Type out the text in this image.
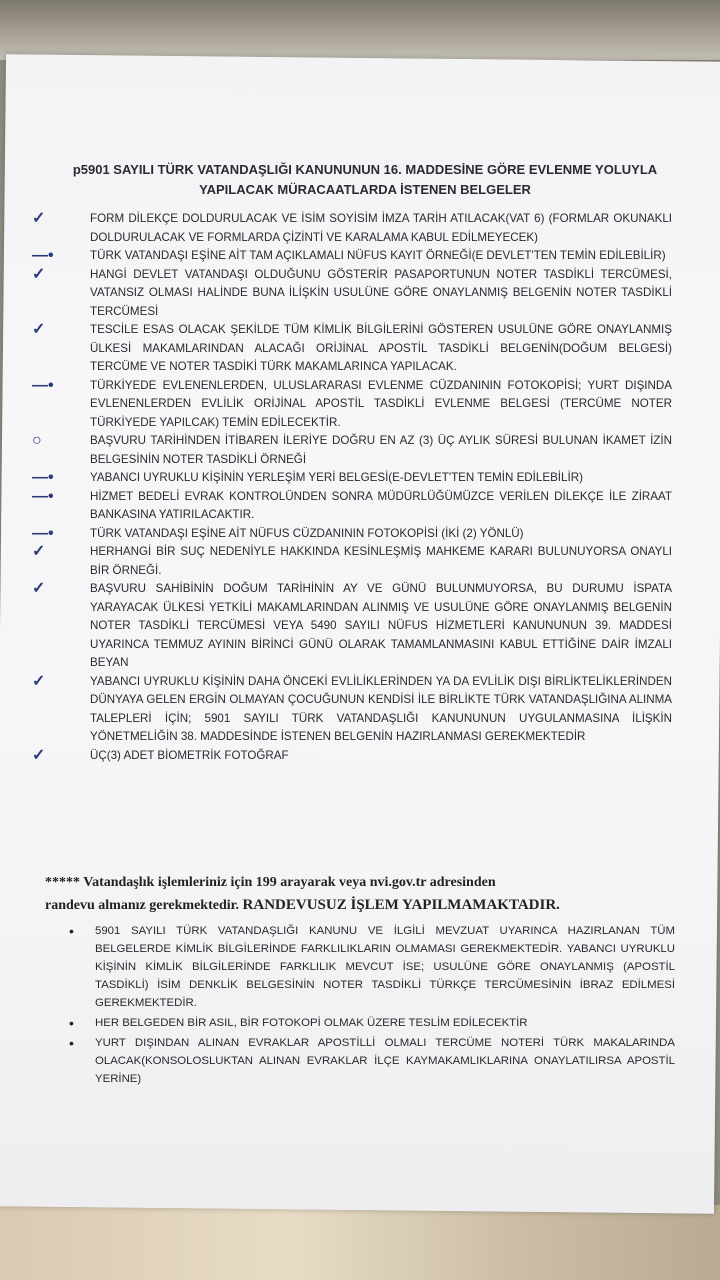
p5901 SAYILI TÜRK VATANDAŞLIĞI KANUNUNUN 16. MADDESİNE GÖRE EVLENME YOLUYLA YAPILACAK MÜRACAATLARDA İSTENEN BELGELER

✓	FORM DİLEKÇE DOLDURULACAK VE İSİM SOYİSİM İMZA TARİH ATILACAK(VAT 6) (FORMLAR OKUNAKLI DOLDURULACAK VE FORMLARDA ÇİZİNTİ VE KARALAMA KABUL EDİLMEYECEK)

—•	TÜRK VATANDAŞI EŞİNE AİT TAM AÇIKLAMALI NÜFUS KAYIT ÖRNEĞİ(E DEVLET'TEN TEMİN EDİLEBİLİR)

✓	HANGİ DEVLET VATANDAŞI OLDUĞUNU GÖSTERİR PASAPORTUNUN NOTER TASDİKLİ TERCÜMESİ, VATANSIZ OLMASI HALİNDE BUNA İLİŞKİN USULÜNE GÖRE ONAYLANMIŞ BELGENİN NOTER TASDİKLİ TERCÜMESİ

✓	TESCİLE ESAS OLACAK ŞEKİLDE TÜM KİMLİK BİLGİLERİNİ GÖSTEREN USULÜNE GÖRE ONAYLANMIŞ ÜLKESİ MAKAMLARINDAN ALACAĞI ORİJİNAL APOSTİL TASDİKLİ BELGENİN(DOĞUM BELGESİ) TERCÜME VE NOTER TASDİKİ TÜRK MAKAMLARINCA YAPILACAK.

—•	TÜRKİYEDE EVLENENLERDEN, ULUSLARARASI EVLENME CÜZDANININ FOTOKOPİSİ; YURT DIŞINDA EVLENENLERDEN EVLİLİK ORİJİNAL APOSTİL TASDİKLİ EVLENME BELGESİ (TERCÜME NOTER TÜRKİYEDE YAPILCAK) TEMİN EDİLECEKTİR.

○	BAŞVURU TARİHİNDEN İTİBAREN İLERİYE DOĞRU EN AZ (3) ÜÇ AYLIK SÜRESİ BULUNAN İKAMET İZİN BELGESİNİN NOTER TASDİKLİ ÖRNEĞİ

—•	YABANCI UYRUKLU KİŞİNİN YERLEŞİM YERİ BELGESİ(E-DEVLET'TEN TEMİN EDİLEBİLİR)

—•	HİZMET BEDELİ EVRAK KONTROLÜNDEN SONRA MÜDÜRLÜĞÜMÜZCE VERİLEN DİLEKÇE İLE ZİRAAT BANKASINA YATIRILACAKTIR.

—•	TÜRK VATANDAŞI EŞİNE AİT NÜFUS CÜZDANININ FOTOKOPİSİ (İKİ (2) YÖNLÜ)

✓	HERHANGİ BİR SUÇ NEDENİYLE HAKKINDA KESİNLEŞMİŞ MAHKEME KARARI BULUNUYORSA ONAYLI BİR ÖRNEĞİ.

✓	BAŞVURU SAHİBİNİN DOĞUM TARİHİNİN AY VE GÜNÜ BULUNMUYORSA, BU DURUMU İSPATA YARAYACAK ÜLKESİ YETKİLİ MAKAMLARINDAN ALINMIŞ VE USULÜNE GÖRE ONAYLANMIŞ BELGENİN NOTER TASDİKLİ TERCÜMESİ VEYA 5490 SAYILI NÜFUS HİZMETLERİ KANUNUNUN 39. MADDESİ UYARINCA TEMMUZ AYININ BİRİNCİ GÜNÜ OLARAK TAMAMLANMASINI KABUL ETTİĞİNE DAİR İMZALI BEYAN

✓	YABANCI UYRUKLU KİŞİNİN DAHA ÖNCEKİ EVLİLİKLERİNDEN YA DA EVLİLİK DIŞI BİRLİKTELİKLERİNDEN DÜNYAYA GELEN ERGİN OLMAYAN ÇOCUĞUNUN KENDİSİ İLE BİRLİKTE TÜRK VATANDAŞLIĞINA ALINMA TALEPLERİ İÇİN; 5901 SAYILI TÜRK VATANDAŞLIĞI KANUNUNUN UYGULANMASINA İLİŞKİN YÖNETMELİĞİN 38. MADDESİNDE İSTENEN BELGENİN HAZIRLANMASI GEREKMEKTEDİR

✓	ÜÇ(3) ADET BİOMETRİK FOTOĞRAF

***** Vatandaşlık işlemleriniz için 199 arayarak veya nvi.gov.tr adresinden
randevu almanız gerekmektedir. RANDEVUSUZ İŞLEM YAPILMAMAKTADIR.

• 5901 SAYILI TÜRK VATANDAŞLIĞI KANUNU VE İLGİLİ MEVZUAT UYARINCA HAZIRLANAN TÜM BELGELERDE KİMLİK BİLGİLERİNDE FARKLILIKLARIN OLMAMASI GEREKMEKTEDİR. YABANCI UYRUKLU KİŞİNİN KİMLİK BİLGİLERİNDE FARKLILIK MEVCUT İSE; USULÜNE GÖRE ONAYLANMIŞ (APOSTİL TASDİKLİ) İSİM DENKLİK BELGESİNİN NOTER TASDİKLİ TÜRKÇE TERCÜMESİNİN İBRAZ EDİLMESİ GEREKMEKTEDİR.

• HER BELGEDEN BİR ASIL, BİR FOTOKOPİ OLMAK ÜZERE TESLİM EDİLECEKTİR

• YURT DIŞINDAN ALINAN EVRAKLAR APOSTİLLİ OLMALI TERCÜME NOTERİ TÜRK MAKALARINDA OLACAK(KONSOLOSLUKTAN ALINAN EVRAKLAR İLÇE KAYMAKAMLIKLARINA ONAYLATILIRSA APOSTİL YERİNE)
